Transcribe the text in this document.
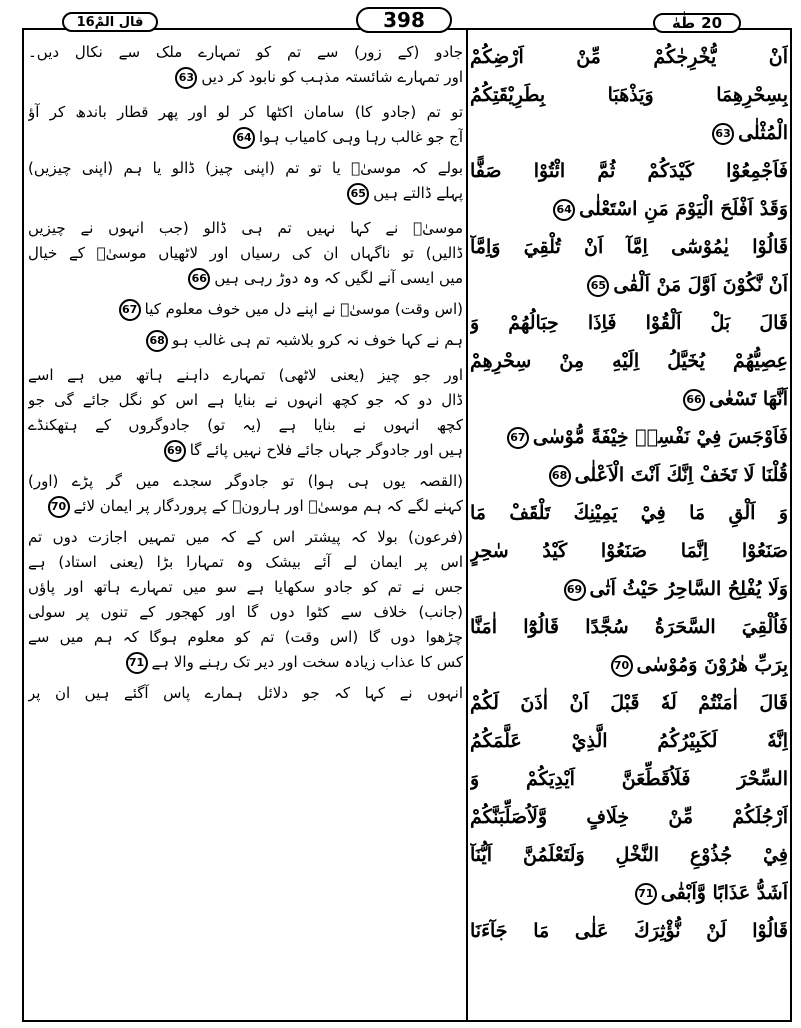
طٰهٰ 20
398
قال المْ16
اَنْ يُّخْرِجٰكُمْ مِّنْ اَرْضِكُمْ
بِسِحْرِهِمَا وَيَذْهَبَا بِطَرِيْقَتِكُمُ
الْمُثْلٰى63
فَاَجْمِعُوْا كَيْدَكُمْ ثُمَّ ائْتُوْا صَفًّا
وَقَدْ اَفْلَحَ الْيَوْمَ مَنِ اسْتَعْلٰى64
قَالُوْا يٰمُوْسٰٓى اِمَّآ اَنْ تُلْقِيَ وَاِمَّآ
اَنْ نَّكُوْنَ اَوَّلَ مَنْ اَلْقٰى65
قَالَ بَلْ اَلْقُوْا فَاِذَا حِبَالُهُمْ وَ
عِصِيُّهُمْ يُخَيَّلُ اِلَيْهِ مِنْ سِحْرِهِمْ
اَنَّهَا تَسْعٰى66
فَاَوْجَسَ فِيْ نَفْسِهٖ خِيْفَةً مُّوْسٰى67
قُلْنَا لَا تَخَفْ اِنَّكَ اَنْتَ الْاَعْلٰى68
وَ اَلْقِ مَا فِيْ يَمِيْنِكَ تَلْقَفْ مَا
صَنَعُوْا اِنَّمَا صَنَعُوْا كَيْدُ سٰحِرٍ
وَلَا يُفْلِحُ السَّاحِرُ حَيْثُ اَتٰى69
فَاُلْقِيَ السَّحَرَةُ سُجَّدًا قَالُوْٓا اٰمَنَّا
بِرَبِّ هٰرُوْنَ وَمُوْسٰى70
قَالَ اٰمَنْتُمْ لَهٗ قَبْلَ اَنْ اٰذَنَ لَكُمْ
اِنَّهٗ لَكَبِيْرُكُمُ الَّذِيْ عَلَّمَكُمُ
السِّحْرَ فَلَاُقَطِّعَنَّ اَيْدِيَكُمْ وَ
اَرْجُلَكُمْ مِّنْ خِلَافٍ وَّلَاُصَلِّبَنَّكُمْ
فِيْ جُذُوْعِ النَّخْلِ وَلَتَعْلَمُنَّ اَيُّنَآ
اَشَدُّ عَذَابًا وَّاَبْقٰى71
قَالُوْا لَنْ نُّؤْثِرَكَ عَلٰى مَا جَآءَنَا
جادو (کے زور) سے تم کو تمہارے ملک سے نکال دیں۔
اور تمہارے شائستہ مذہب کو نابود کر دیں63
تو تم (جادو کا) سامان اکٹھا کر لو اور پھر قطار باندھ کر آؤ
آج جو غالب رہا وہی کامیاب ہوا64
بولے کہ موسیٰؑ یا تو تم (اپنی چیز) ڈالو یا ہم (اپنی چیزیں)
پہلے ڈالتے ہیں65
موسیٰؑ نے کہا نہیں تم ہی ڈالو (جب انہوں نے چیزیں
ڈالیں) تو ناگہاں ان کی رسیاں اور لاٹھیاں موسیٰؑ کے خیال
میں ایسی آنے لگیں کہ وہ دوڑ رہی ہیں66
(اس وقت) موسیٰؑ نے اپنے دل میں خوف معلوم کیا67
ہم نے کہا خوف نہ کرو بلاشبہ تم ہی غالب ہو68
اور جو چیز (یعنی لاٹھی) تمہارے داہنے ہاتھ میں ہے اسے
ڈال دو کہ جو کچھ انہوں نے بنایا ہے اس کو نگل جائے گی جو
کچھ انہوں نے بنایا ہے (یہ تو) جادوگروں کے ہتھکنڈے
ہیں اور جادوگر جہاں جائے فلاح نہیں پائے گا69
(القصہ یوں ہی ہوا) تو جادوگر سجدے میں گر پڑے (اور)
کہنے لگے کہ ہم موسیٰؑ اور ہارونؑ کے پروردگار پر ایمان لائے70
(فرعون) بولا کہ پیشتر اس کے کہ میں تمہیں اجازت دوں تم
اس پر ایمان لے آئے بیشک وہ تمہارا بڑا (یعنی استاد) ہے
جس نے تم کو جادو سکھایا ہے سو میں تمہارے ہاتھ اور پاؤں
(جانب) خلاف سے کٹوا دوں گا اور کھجور کے تنوں پر سولی
چڑھوا دوں گا (اس وقت) تم کو معلوم ہوگا کہ ہم میں سے
کس کا عذاب زیادہ سخت اور دیر تک رہنے والا ہے71
انہوں نے کہا کہ جو دلائل ہمارے پاس آگئے ہیں ان پر
